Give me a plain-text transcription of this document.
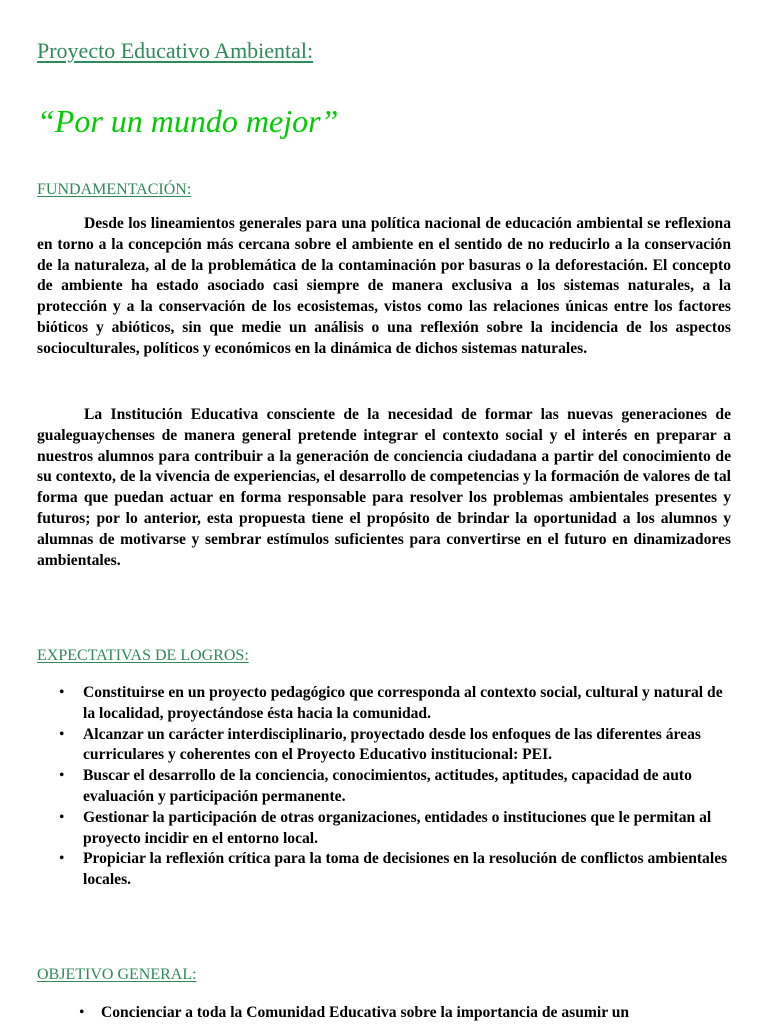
Proyecto Educativo Ambiental:
“Por un mundo mejor”
FUNDAMENTACIÓN:

Desde los lineamientos generales para una política nacional de educación ambiental se reflexiona en torno a la concepción más cercana sobre el ambiente en el sentido de no reducirlo a la conservación de la naturaleza, al de la problemática de la contaminación por basuras o la deforestación. El concepto de ambiente ha estado asociado casi siempre de manera exclusiva a los sistemas naturales, a la protección y a la conservación de los ecosistemas, vistos como las relaciones únicas entre los factores bióticos y abióticos, sin que medie un análisis o una reflexión sobre la incidencia de los aspectos socioculturales, políticos y económicos en la dinámica de dichos sistemas naturales.

La Institución Educativa consciente de la necesidad de formar las nuevas generaciones de gualeguaychenses de manera general pretende integrar el contexto social y el interés en preparar a nuestros alumnos para contribuir a la generación de conciencia ciudadana a partir del conocimiento de su contexto, de la vivencia de experiencias, el desarrollo de competencias y la formación de valores de tal forma que puedan actuar en forma responsable para resolver los problemas ambientales presentes y futuros; por lo anterior, esta propuesta tiene el propósito de brindar la oportunidad a los alumnos y alumnas de motivarse y sembrar estímulos suficientes para convertirse en el futuro en dinamizadores ambientales.

EXPECTATIVAS DE LOGROS:
• Constituirse en un proyecto pedagógico que corresponda al contexto social, cultural y natural de la localidad, proyectándose ésta hacia la comunidad.
• Alcanzar un carácter interdisciplinario, proyectado desde los enfoques de las diferentes áreas curriculares y coherentes con el Proyecto Educativo institucional: PEI.
• Buscar el desarrollo de la conciencia, conocimientos, actitudes, aptitudes, capacidad de auto evaluación y participación permanente.
• Gestionar la participación de otras organizaciones, entidades o instituciones que le permitan al proyecto incidir en el entorno local.
• Propiciar la reflexión crítica para la toma de decisiones en la resolución de conflictos ambientales locales.
OBJETIVO GENERAL:
• Concienciar a toda la Comunidad Educativa sobre la importancia de asumir un
